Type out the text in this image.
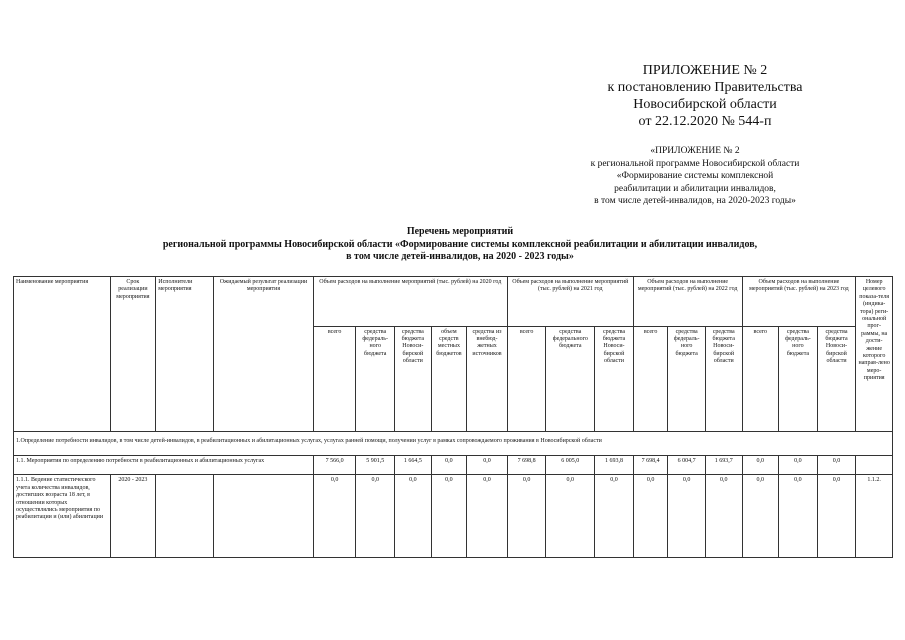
ПРИЛОЖЕНИЕ № 2
к постановлению Правительства
Новосибирской области
от 22.12.2020 № 544-п
«ПРИЛОЖЕНИЕ № 2
к региональной программе Новосибирской области
«Формирование системы комплексной
реабилитации и абилитации инвалидов,
в том числе детей-инвалидов, на 2020-2023 годы»
Перечень мероприятий
региональной программы Новосибирской области «Формирование системы комплексной реабилитации и абилитации инвалидов,
в том числе детей-инвалидов, на 2020 - 2023 годы»
Наименование мероприятия	Срок реализации мероприятия	Исполнители мероприятия	Ожидаемый результат реализации мероприятия	Объем расходов на выполнение мероприятий (тыс. рублей) на 2020 год					Объем расходов на выполнение мероприятий (тыс. рублей) на 2021 год			Объем расходов на выполнение мероприятий (тыс. рублей) на 2022 год			Объем расходов на выполнение мероприятий (тыс. рублей) на 2023 год			Номер целевого показа-теля (индика-тора) реги-ональной прог-раммы, на дости-жение которого направ-лено меро-приятия
				всего	средства федераль-ного бюджета	средства бюджета Новоси-бирской области	объем средств местных бюджетов	средства из внебюд-жетных источников	всего	средства федерального бюджета	средства бюджета Новоси-бирской области	всего	средства федераль-ного бюджета	средства бюджета Новоси-бирской области	всего	средства федераль-ного бюджета	средства бюджета Новоси-бирской области	
1.Определение потребности инвалидов, в том числе детей-инвалидов, в реабилитационных и абилитационных услугах, услугах ранней помощи, получении услуг в рамках сопровождаемого проживания в Новосибирской области																		
1.1. Мероприятия по определению потребности в реабилитационных и абилитационных услугах				7 566,0	5 901,5	1 664,5	0,0	0,0	7 698,8	6 005,0	1 693,8	7 698,4	6 004,7	1 693,7	0,0	0,0	0,0	
1.1.1. Ведение статистического учета количества инвалидов, достигших возраста 18 лет, в отношении которых осуществлялись мероприятия по реабилитации и (или) абилитации	2020 - 2023			0,0	0,0	0,0	0,0	0,0	0,0	0,0	0,0	0,0	0,0	0,0	0,0	0,0	0,0	1.1.2.
